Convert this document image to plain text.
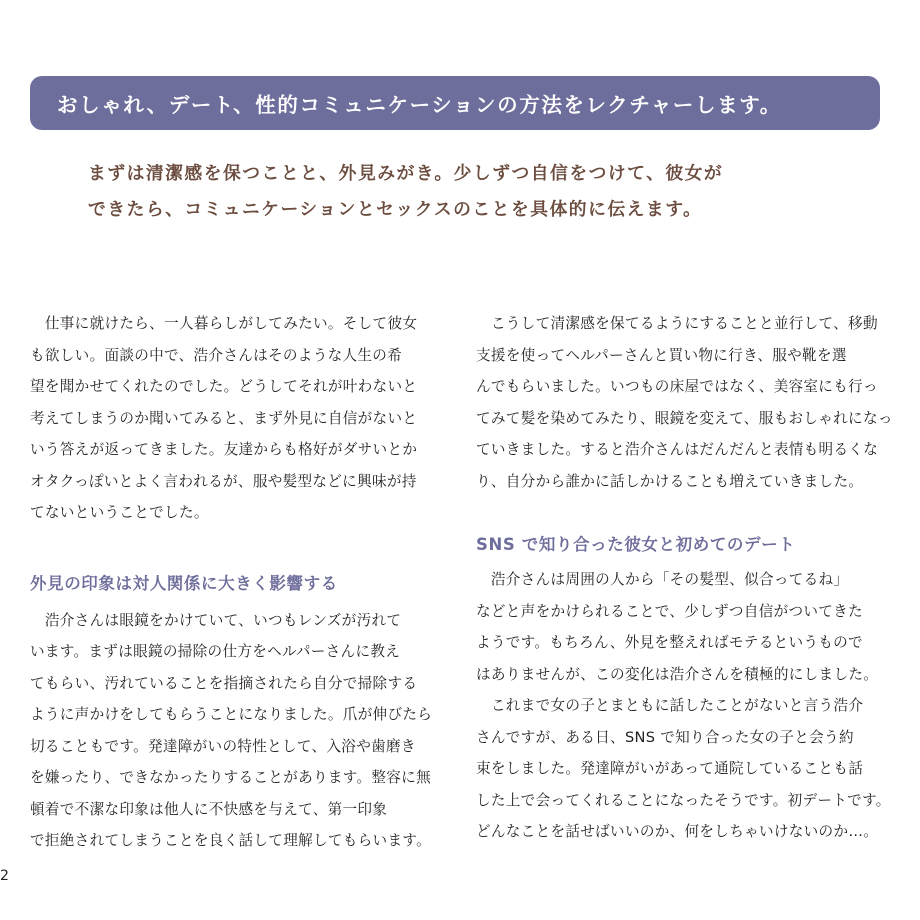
おしゃれ、デート、性的コミュニケーションの方法をレクチャーします。
まずは清潔感を保つことと、外見みがき。少しずつ自信をつけて、彼女が
できたら、コミュニケーションとセックスのことを具体的に伝えます。
　仕事に就けたら、一人暮らしがしてみたい。そして彼女
も欲しい。面談の中で、浩介さんはそのような人生の希
望を聞かせてくれたのでした。どうしてそれが叶わないと
考えてしまうのか聞いてみると、まず外見に自信がないと
いう答えが返ってきました。友達からも格好がダサいとか
オタクっぽいとよく言われるが、服や髪型などに興味が持
てないということでした。
外見の印象は対人関係に大きく影響する
　浩介さんは眼鏡をかけていて、いつもレンズが汚れて
います。まずは眼鏡の掃除の仕方をヘルパーさんに教え
てもらい、汚れていることを指摘されたら自分で掃除する
ように声かけをしてもらうことになりました。爪が伸びたら
切ることもです。発達障がいの特性として、入浴や歯磨き
を嫌ったり、できなかったりすることがあります。整容に無
頓着で不潔な印象は他人に不快感を与えて、第一印象
で拒絶されてしまうことを良く話して理解してもらいます。
　こうして清潔感を保てるようにすることと並行して、移動
支援を使ってヘルパーさんと買い物に行き、服や靴を選
んでもらいました。いつもの床屋ではなく、美容室にも行っ
てみて髪を染めてみたり、眼鏡を変えて、服もおしゃれになっ
ていきました。すると浩介さんはだんだんと表情も明るくな
り、自分から誰かに話しかけることも増えていきました。
SNS で知り合った彼女と初めてのデート
　浩介さんは周囲の人から「その髪型、似合ってるね」
などと声をかけられることで、少しずつ自信がついてきた
ようです。もちろん、外見を整えればモテるというもので
はありませんが、この変化は浩介さんを積極的にしました。
　これまで女の子とまともに話したことがないと言う浩介
さんですが、ある日、SNS で知り合った女の子と会う約
束をしました。発達障がいがあって通院していることも話
した上で会ってくれることになったそうです。初デートです。
どんなことを話せばいいのか、何をしちゃいけないのか…。
2
